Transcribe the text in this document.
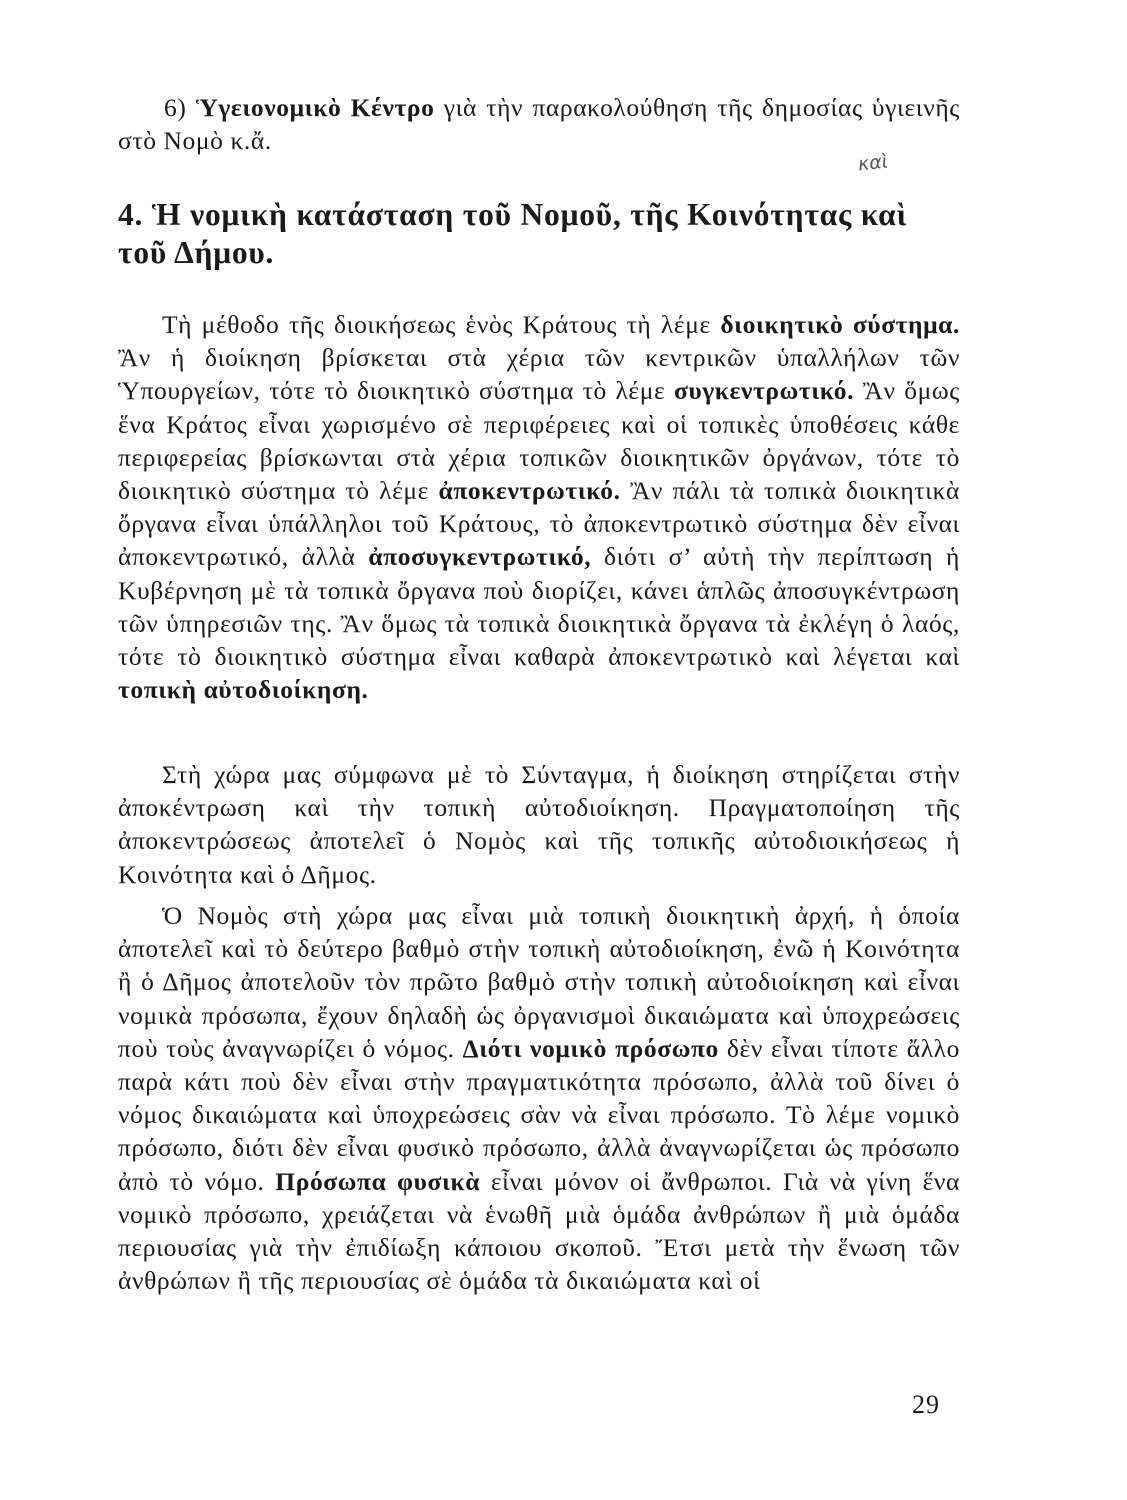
6) Ὑγειονομικὸ Κέντρο γιὰ τὴν παρακολούθηση τῆς δημοσίας ὑγιεινῆς στὸ Νομὸ κ.ἄ.

καὶ
4. Ἡ νομικὴ κατάσταση τοῦ Νομοῦ, τῆς Κοινότητας καὶ τοῦ Δήμου.

Τὴ μέθοδο τῆς διοικήσεως ἑνὸς Κράτους τὴ λέμε διοικητικὸ σύστημα. Ἂν ἡ διοίκηση βρίσκεται στὰ χέρια τῶν κεντρικῶν ὑπαλλήλων τῶν Ὑπουργείων, τότε τὸ διοικητικὸ σύστημα τὸ λέμε συγκεντρωτικό. Ἂν ὅμως ἕνα Κράτος εἶναι χωρισμένο σὲ περιφέρειες καὶ οἱ τοπικὲς ὑποθέσεις κάθε περιφερείας βρίσκωνται στὰ χέρια τοπικῶν διοικητικῶν ὀργάνων, τότε τὸ διοικητικὸ σύστημα τὸ λέμε ἀποκεντρωτικό. Ἂν πάλι τὰ τοπικὰ διοικητικὰ ὄργανα εἶναι ὑπάλληλοι τοῦ Κράτους, τὸ ἀποκεντρωτικὸ σύστημα δὲν εἶναι ἀποκεντρωτικό, ἀλλὰ ἀποσυγκεντρωτικό, διότι σ’ αὐτὴ τὴν περίπτωση ἡ Κυβέρνηση μὲ τὰ τοπικὰ ὄργανα ποὺ διορίζει, κάνει ἁπλῶς ἀποσυγκέντρωση τῶν ὑπηρεσιῶν της. Ἂν ὅμως τὰ τοπικὰ διοικητικὰ ὄργανα τὰ ἐκλέγη ὁ λαός, τότε τὸ διοικητικὸ σύστημα εἶναι καθαρὰ ἀποκεντρωτικὸ καὶ λέγεται καὶ τοπικὴ αὐτοδιοίκηση.

Στὴ χώρα μας σύμφωνα μὲ τὸ Σύνταγμα, ἡ διοίκηση στηρίζεται στὴν ἀποκέντρωση καὶ τὴν τοπικὴ αὐτοδιοίκηση. Πραγματοποίηση τῆς ἀποκεντρώσεως ἀποτελεῖ ὁ Νομὸς καὶ τῆς τοπικῆς αὐτοδιοικήσεως ἡ Κοινότητα καὶ ὁ Δῆμος.

Ὁ Νομὸς στὴ χώρα μας εἶναι μιὰ τοπικὴ διοικητικὴ ἀρχή, ἡ ὁποία ἀποτελεῖ καὶ τὸ δεύτερο βαθμὸ στὴν τοπικὴ αὐτοδιοίκηση, ἐνῶ ἡ Κοινότητα ἢ ὁ Δῆμος ἀποτελοῦν τὸν πρῶτο βαθμὸ στὴν τοπικὴ αὐτοδιοίκηση καὶ εἶναι νομικὰ πρόσωπα, ἔχουν δηλαδὴ ὡς ὀργανισμοὶ δικαιώματα καὶ ὑποχρεώσεις ποὺ τοὺς ἀναγνωρίζει ὁ νόμος. Διότι νομικὸ πρόσωπο δὲν εἶναι τίποτε ἄλλο παρὰ κάτι ποὺ δὲν εἶναι στὴν πραγματικότητα πρόσωπο, ἀλλὰ τοῦ δίνει ὁ νόμος δικαιώματα καὶ ὑποχρεώσεις σὰν νὰ εἶναι πρόσωπο. Τὸ λέμε νομικὸ πρόσωπο, διότι δὲν εἶναι φυσικὸ πρόσωπο, ἀλλὰ ἀναγνωρίζεται ὡς πρόσωπο ἀπὸ τὸ νόμο. Πρόσωπα φυσικὰ εἶναι μόνον οἱ ἄνθρωποι. Γιὰ νὰ γίνη ἕνα νομικὸ πρόσωπο, χρειάζεται νὰ ἑνωθῆ μιὰ ὁμάδα ἀνθρώπων ἢ μιὰ ὁμάδα περιουσίας γιὰ τὴν ἐπιδίωξη κάποιου σκοποῦ. Ἔτσι μετὰ τὴν ἕνωση τῶν ἀνθρώπων ἢ τῆς περιουσίας σὲ ὁμάδα τὰ δικαιώματα καὶ οἱ

29
